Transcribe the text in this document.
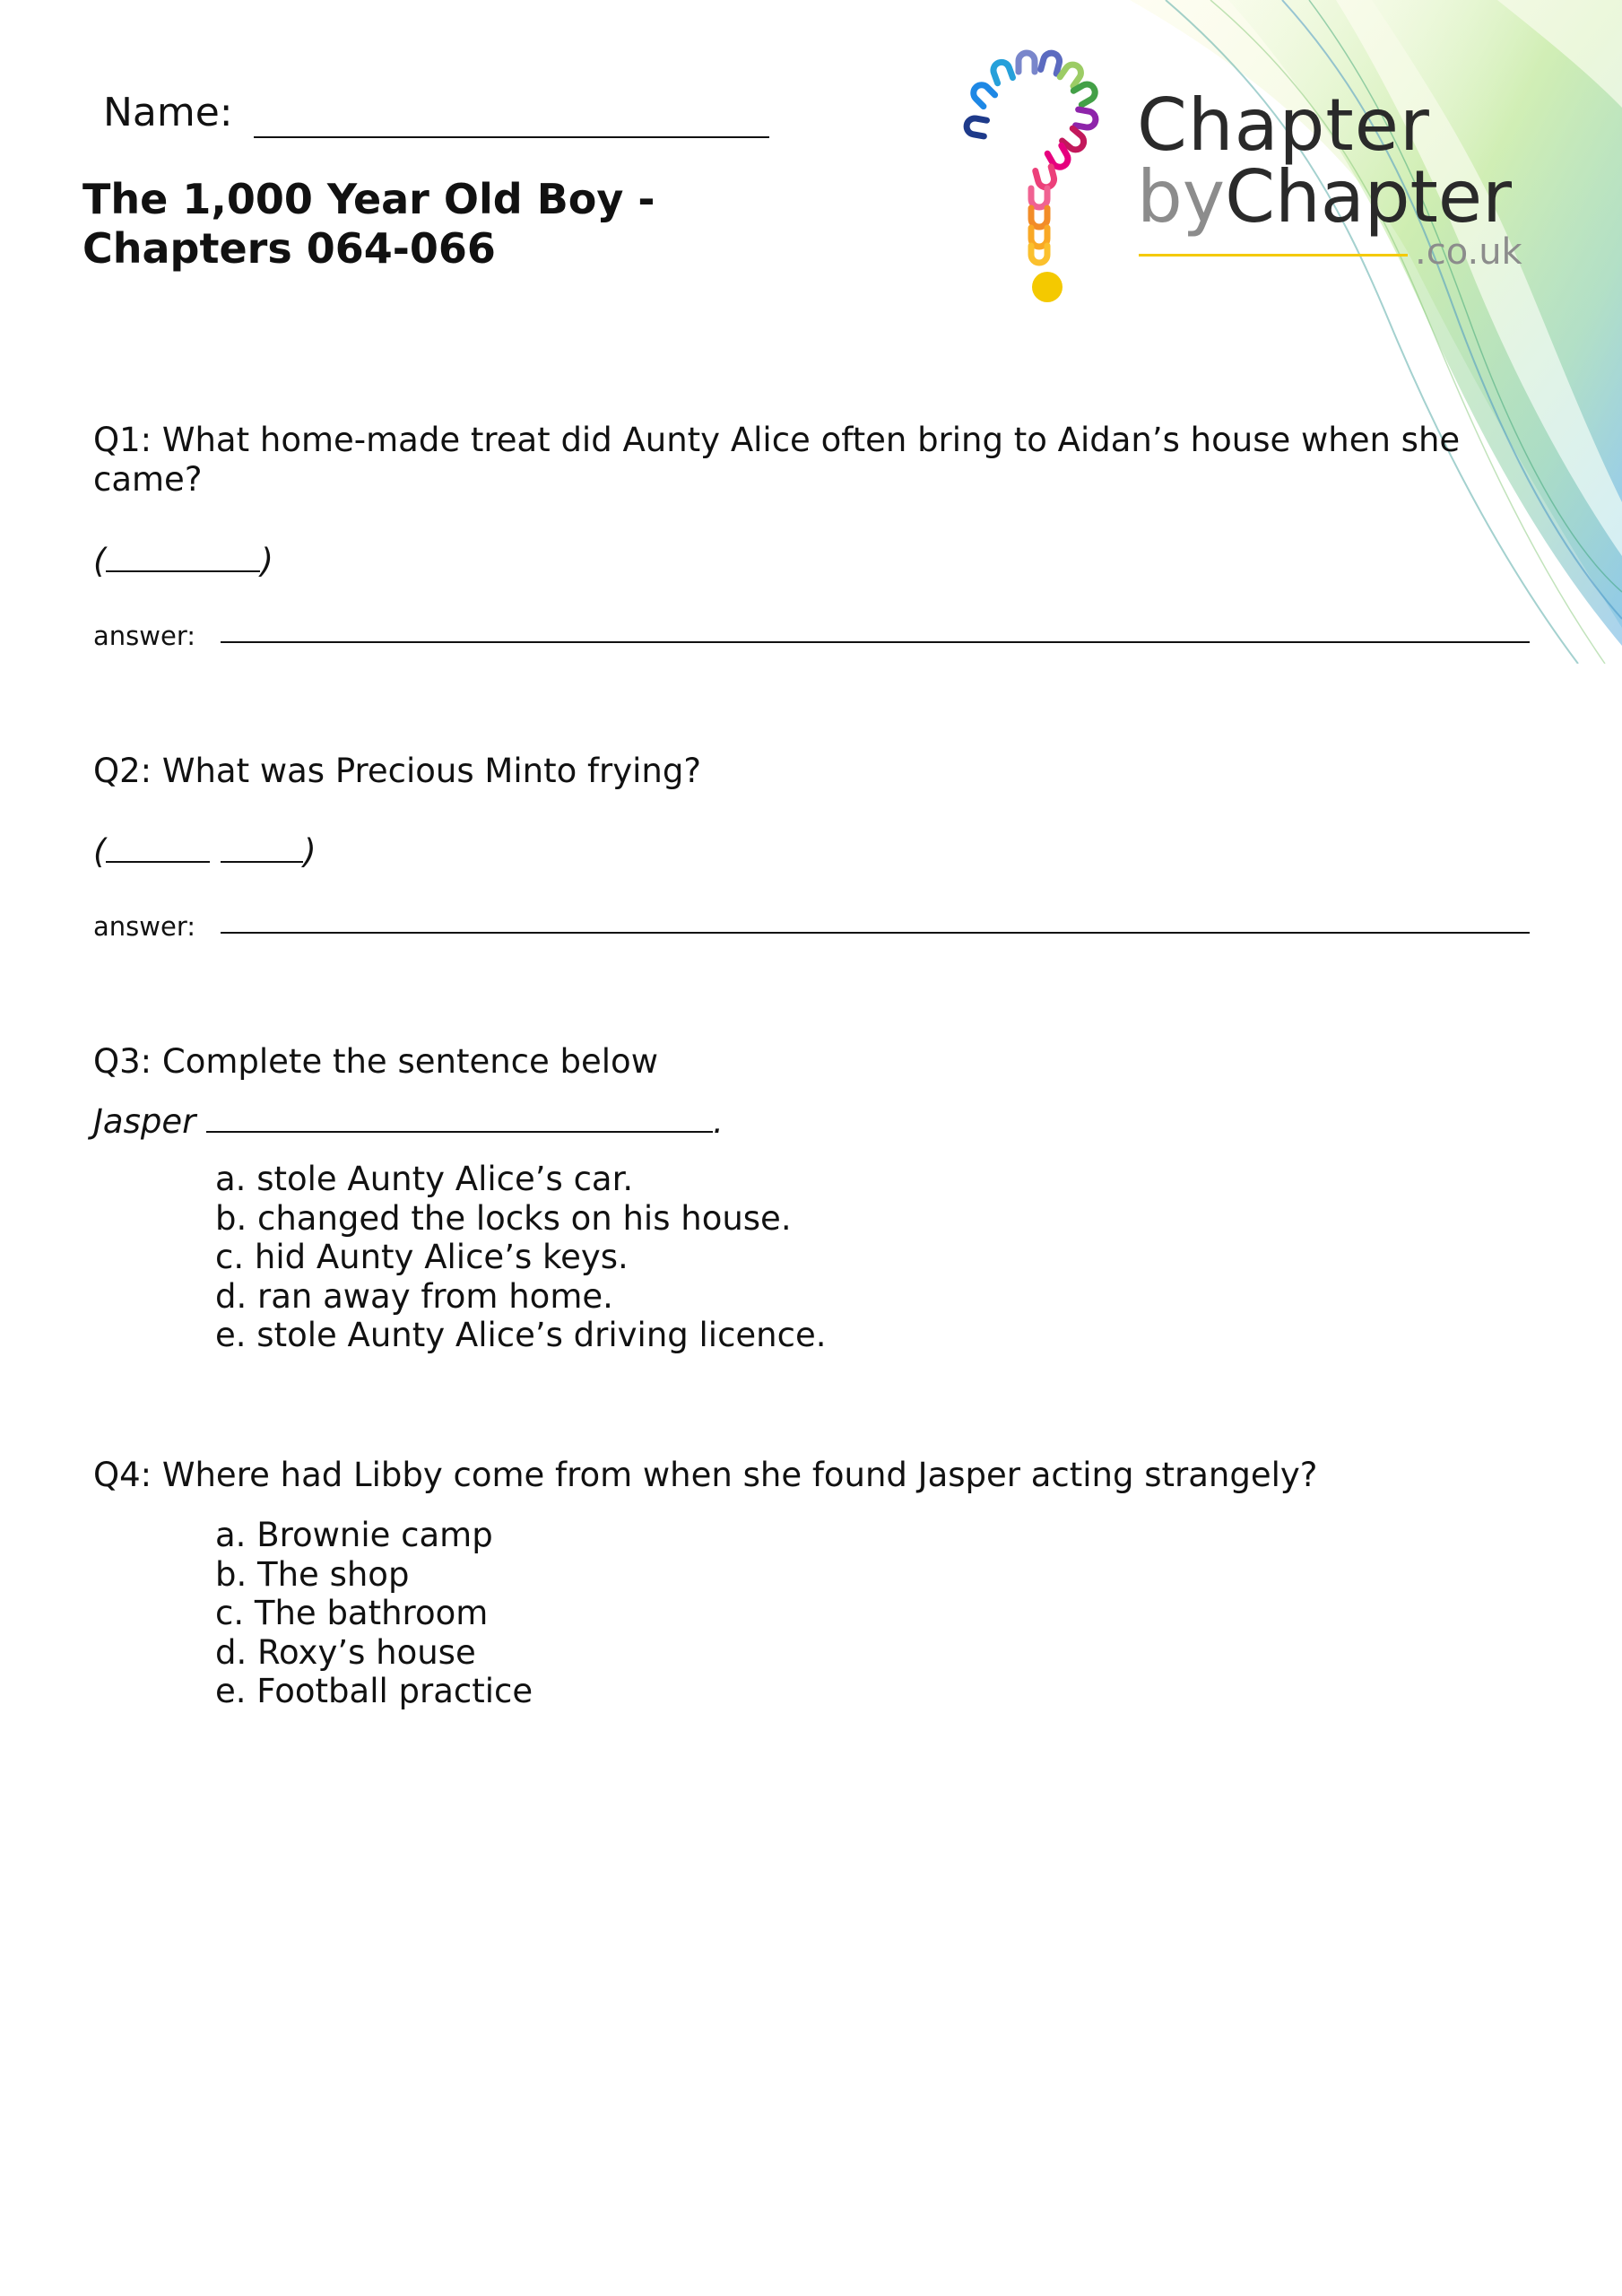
Name:
The 1,000 Year Old Boy -
Chapters 064-066
Chapter
byChapter
.co.uk
Q1: What home-made treat did Aunty Alice often bring to Aidan’s house when she came?
(	)
answer:
Q2: What was Precious Minto frying?
(	)
answer:
Q3: Complete the sentence below
Jasper	.
a. stole Aunty Alice’s car.
b. changed the locks on his house.
c. hid Aunty Alice’s keys.
d. ran away from home.
e. stole Aunty Alice’s driving licence.
Q4: Where had Libby come from when she found Jasper acting strangely?
a. Brownie camp
b. The shop
c. The bathroom
d. Roxy’s house
e. Football practice
